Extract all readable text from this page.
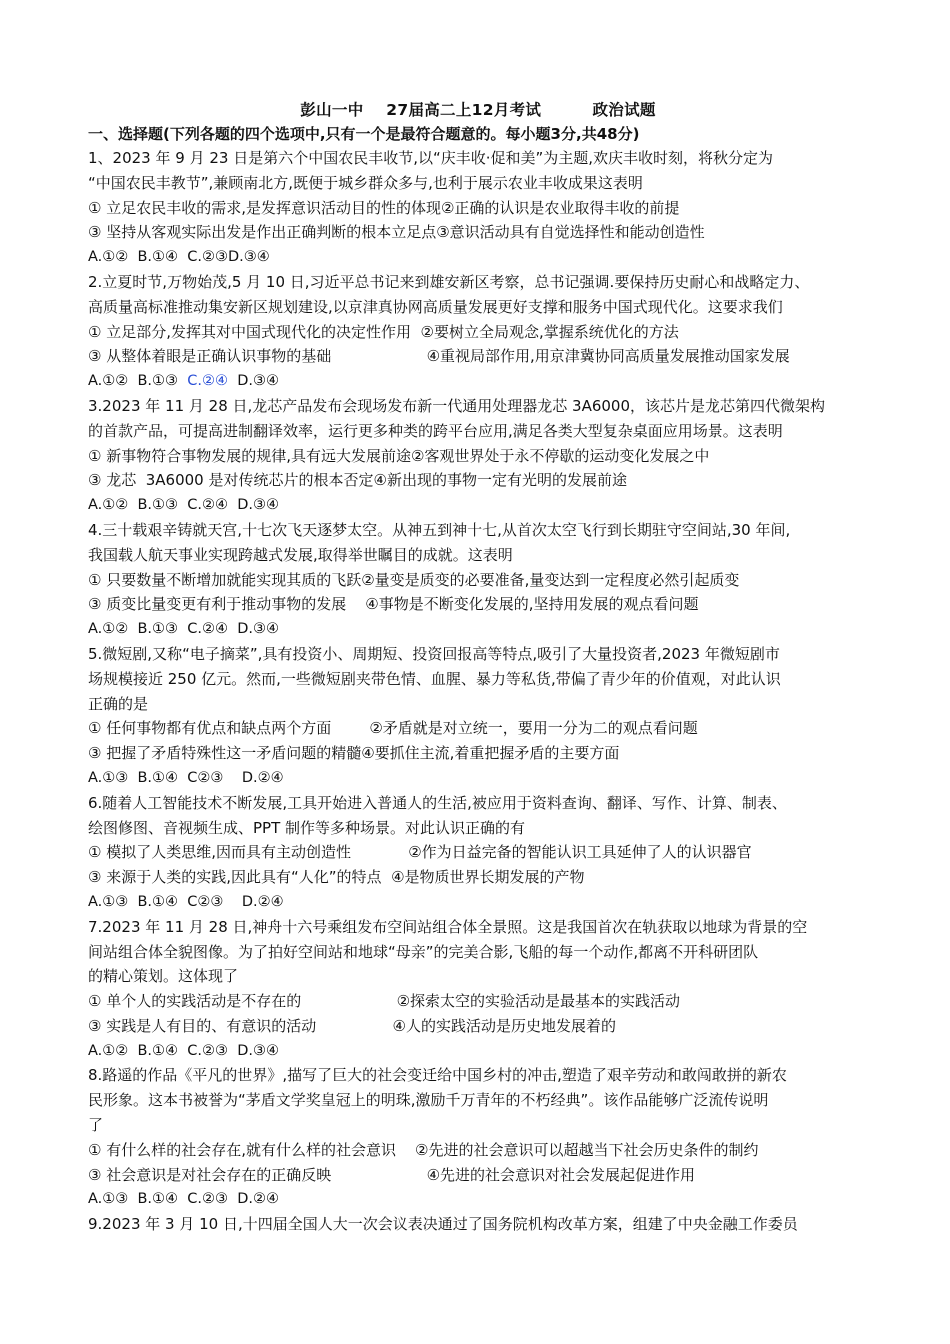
彭山一中    27届高二上12月考试         政治试题
一、选择题(下列各题的四个选项中,只有一个是最符合题意的。每小题3分,共48分)
1、2023 年 9 月 23 日是第六个中国农民丰收节,以“庆丰收·促和美”为主题,欢庆丰收时刻，将秋分定为
“中国农民丰教节”,兼顾南北方,既便于城乡群众多与,也利于展示农业丰收成果这表明
① 立足农民丰收的需求,是发挥意识活动目的性的体现②正确的认识是农业取得丰收的前提
③ 坚持从客观实际出发是作出正确判断的根本立足点③意识活动具有自觉选择性和能动创造性
A.①②  B.①④  C.②③D.③④
2.立夏时节,万物始茂,5 月 10 日,习近平总书记来到雄安新区考察，总书记强调.要保持历史耐心和战略定力、
高质量高标准推动集安新区规划建设,以京津真协网高质量发展更好支撑和服务中国式现代化。这要求我们
① 立足部分,发挥其对中国式现代化的决定性作用  ②要树立全局观念,掌握系统优化的方法
③ 从整体着眼是正确认识事物的基础                    ④重视局部作用,用京津冀协同高质量发展推动国家发展
A.①②  B.①③  C.②④  D.③④
3.2023 年 11 月 28 日,龙芯产品发布会现场发布新一代通用处理器龙芯 3A6000，该芯片是龙芯第四代微架构
的首款产品，可提高进制翻译效率，运行更多种类的跨平台应用,满足各类大型复杂桌面应用场景。这表明
① 新事物符合事物发展的规律,具有远大发展前途②客观世界处于永不停歇的运动变化发展之中
③ 龙芯  3A6000 是对传统芯片的根本否定④新出现的事物一定有光明的发展前途
A.①②  B.①③  C.②④  D.③④
4.三十载艰辛铸就天宫,十七次飞天逐梦太空。从神五到神十七,从首次太空飞行到长期驻守空间站,30 年间,
我国载人航天事业实现跨越式发展,取得举世瞩目的成就。这表明
① 只要数量不断增加就能实现其质的飞跃②量变是质变的必要准备,量变达到一定程度必然引起质变
③ 质变比量变更有利于推动事物的发展    ④事物是不断变化发展的,坚持用发展的观点看问题
A.①②  B.①③  C.②④  D.③④
5.微短剧,又称“电子摘菜”,具有投资小、周期短、投资回报高等特点,吸引了大量投资者,2023 年微短剧市
场规模接近 250 亿元。然而,一些微短剧夹带色情、血腥、暴力等私货,带偏了青少年的价值观，对此认识
正确的是
① 任何事物都有优点和缺点两个方面        ②矛盾就是对立统一，要用一分为二的观点看问题
③ 把握了矛盾特殊性这一矛盾问题的精髓④要抓住主流,着重把握矛盾的主要方面
A.①③  B.①④  C②③    D.②④
6.随着人工智能技术不断发展,工具开始进入普通人的生活,被应用于资料查询、翻译、写作、计算、制表、
绘图修图、音视频生成、PPT 制作等多种场景。对此认识正确的有
① 模拟了人类思维,因而具有主动创造性            ②作为日益完备的智能认识工具延伸了人的认识器官
③ 来源于人类的实践,因此具有“人化”的特点  ④是物质世界长期发展的产物
A.①③  B.①④  C②③    D.②④
7.2023 年 11 月 28 日,神舟十六号乘组发布空间站组合体全景照。这是我国首次在轨获取以地球为背景的空
间站组合体全貌图像。为了拍好空间站和地球“母亲”的完美合影,飞船的每一个动作,都离不开科研团队
的精心策划。这体现了
① 单个人的实践活动是不存在的                    ②探索太空的实验活动是最基本的实践活动
③ 实践是人有目的、有意识的活动                ④人的实践活动是历史地发展着的
A.①②  B.①④  C.②③  D.③④
8.路遥的作品《平凡的世界》,描写了巨大的社会变迁给中国乡村的冲击,塑造了艰辛劳动和敢闯敢拼的新农
民形象。这本书被誉为“茅盾文学奖皇冠上的明珠,激励千万青年的不朽经典”。该作品能够广泛流传说明
了
① 有什么样的社会存在,就有什么样的社会意识    ②先进的社会意识可以超越当下社会历史条件的制约
③ 社会意识是对社会存在的正确反映                    ④先进的社会意识对社会发展起促进作用
A.①③  B.①④  C.②③  D.②④
9.2023 年 3 月 10 日,十四届全国人大一次会议表决通过了国务院机构改革方案，组建了中央金融工作委员
